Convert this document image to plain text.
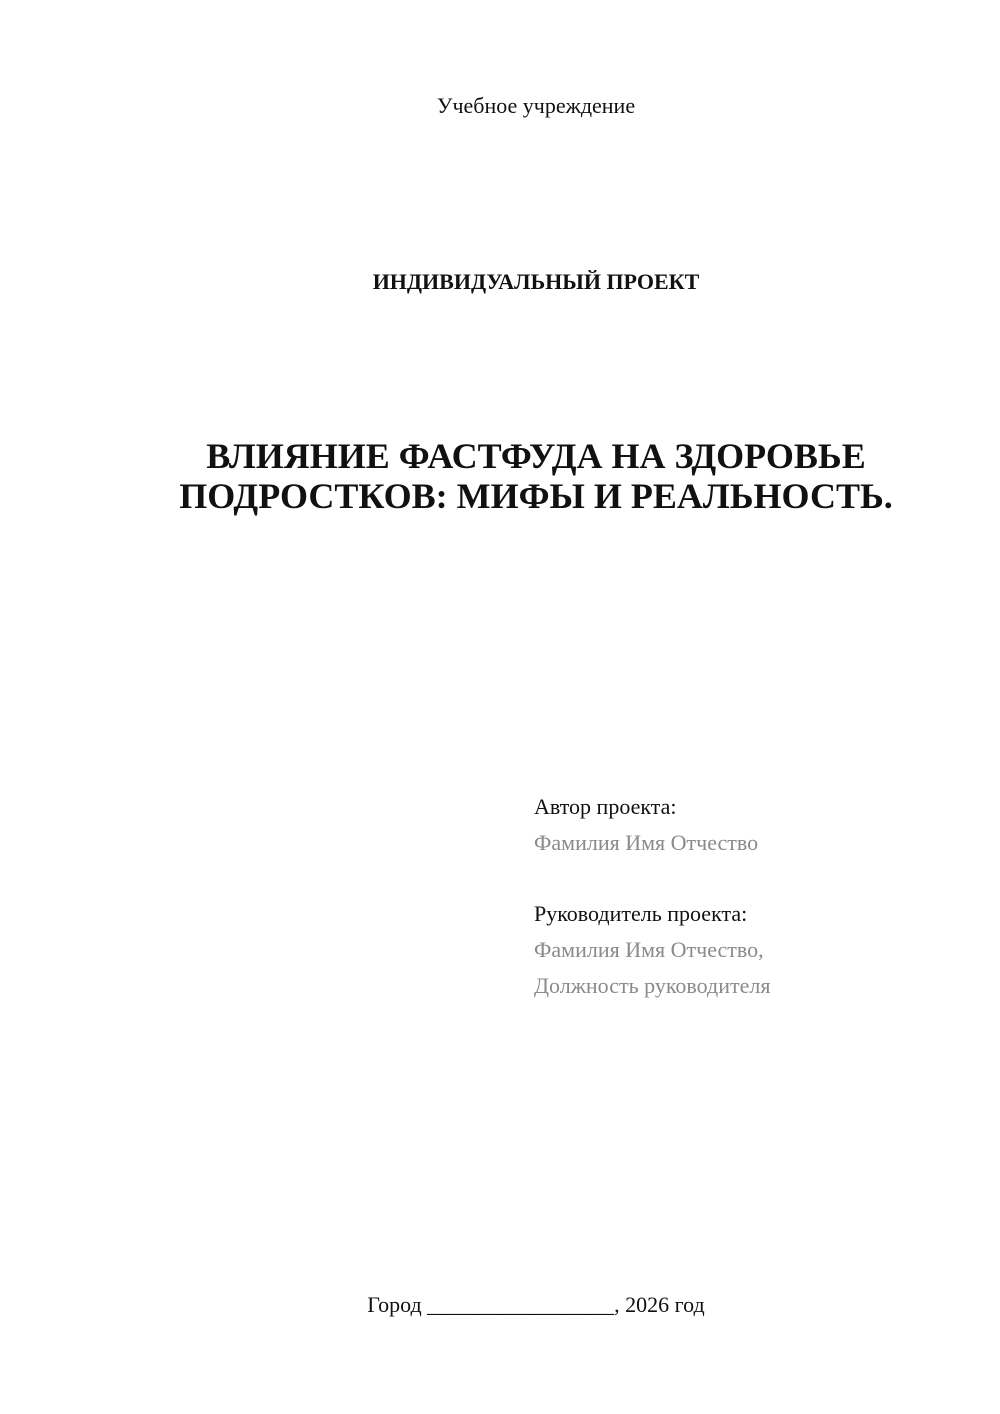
Учебное учреждение
ИНДИВИДУАЛЬНЫЙ ПРОЕКТ
ВЛИЯНИЕ ФАСТФУДА НА ЗДОРОВЬЕ
ПОДРОСТКОВ: МИФЫ И РЕАЛЬНОСТЬ.
Автор проекта:
Фамилия Имя Отчество
Руководитель проекта:
Фамилия Имя Отчество,
Должность руководителя
Город _________________, 2026 год
